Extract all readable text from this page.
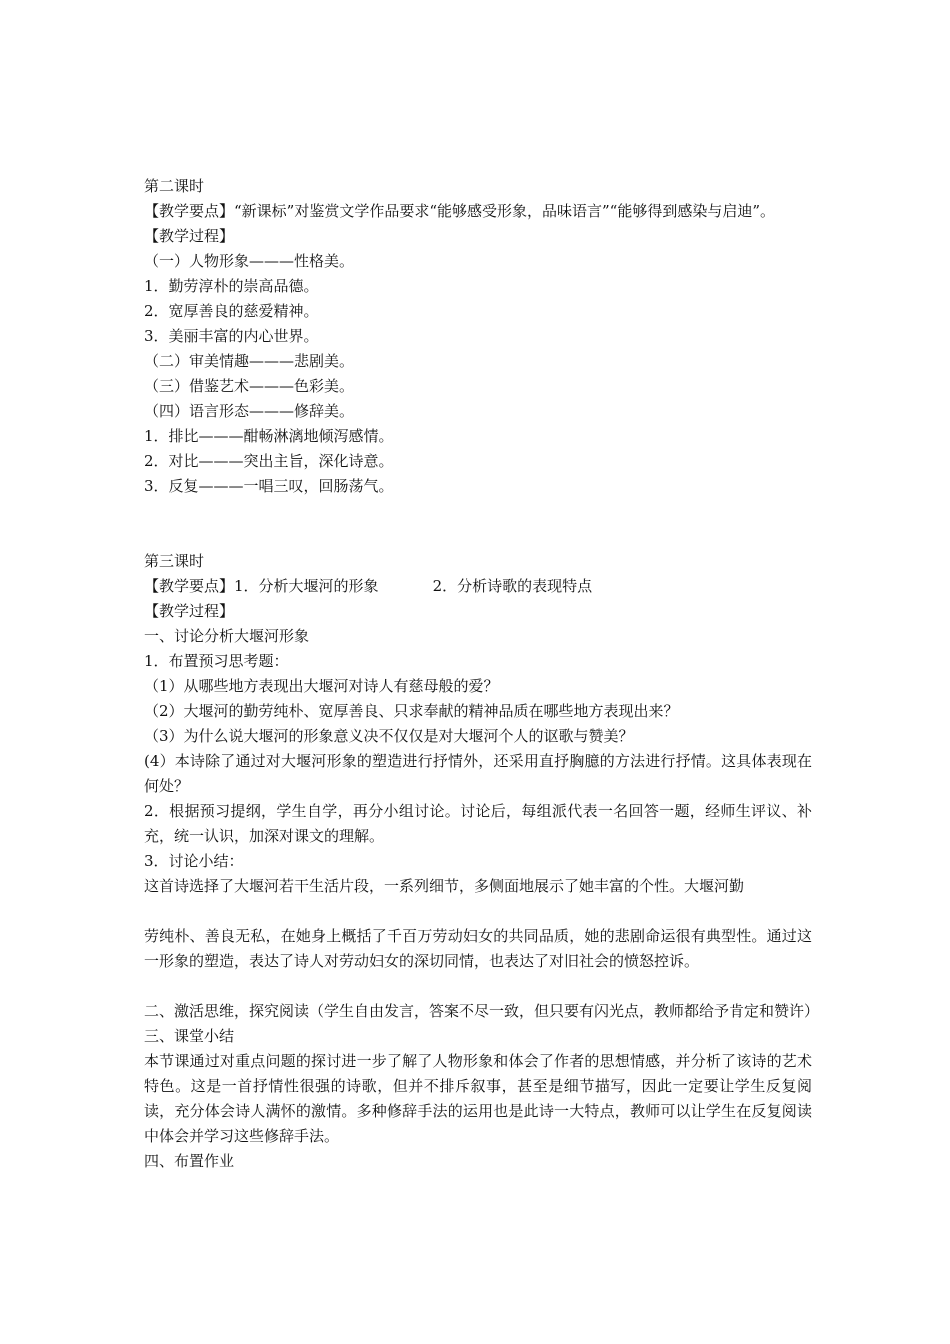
第二课时
【教学要点】“新课标”对鉴赏文学作品要求“能够感受形象，品味语言”“能够得到感染与启迪”。
【教学过程】
（一）人物形象———性格美。
1．勤劳淳朴的崇高品德。
2．宽厚善良的慈爱精神。
3．美丽丰富的内心世界。
（二）审美情趣———悲剧美。
（三）借鉴艺术———色彩美。
（四）语言形态———修辞美。
1．排比———酣畅淋漓地倾泻感情。
2．对比———突出主旨，深化诗意。
3．反复———一唱三叹，回肠荡气。
第三课时
【教学要点】1．分析大堰河的形象	2．分析诗歌的表现特点
【教学过程】
一、讨论分析大堰河形象
1．布置预习思考题：
（1）从哪些地方表现出大堰河对诗人有慈母般的爱？
（2）大堰河的勤劳纯朴、宽厚善良、只求奉献的精神品质在哪些地方表现出来？
（3）为什么说大堰河的形象意义决不仅仅是对大堰河个人的讴歌与赞美？
(4）本诗除了通过对大堰河形象的塑造进行抒情外，还采用直抒胸臆的方法进行抒情。这具体表现在何处？
2．根据预习提纲，学生自学，再分小组讨论。讨论后，每组派代表一名回答一题，经师生评议、补充，统一认识，加深对课文的理解。
3．讨论小结：
这首诗选择了大堰河若干生活片段，一系列细节，多侧面地展示了她丰富的个性。大堰河勤
劳纯朴、善良无私，在她身上概括了千百万劳动妇女的共同品质，她的悲剧命运很有典型性。通过这一形象的塑造，表达了诗人对劳动妇女的深切同情，也表达了对旧社会的愤怒控诉。
二、激活思维，探究阅读（学生自由发言，答案不尽一致，但只要有闪光点，教师都给予肯定和赞许）
三、课堂小结
本节课通过对重点问题的探讨进一步了解了人物形象和体会了作者的思想情感，并分析了该诗的艺术特色。这是一首抒情性很强的诗歌，但并不排斥叙事，甚至是细节描写，因此一定要让学生反复阅读，充分体会诗人满怀的激情。多种修辞手法的运用也是此诗一大特点，教师可以让学生在反复阅读中体会并学习这些修辞手法。
四、布置作业
